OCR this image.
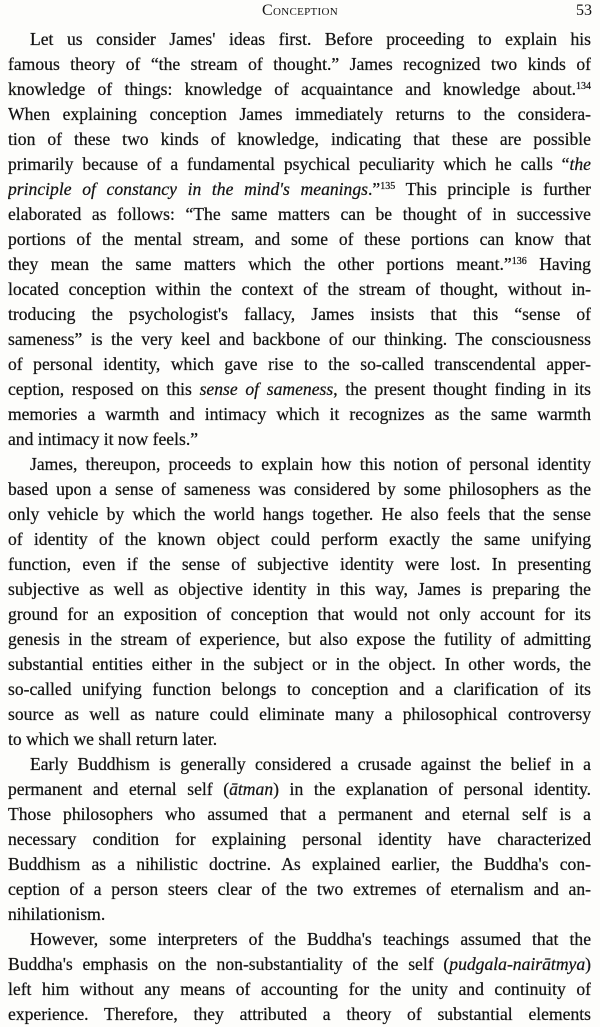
Conception	53
Let us consider James' ideas first. Before proceeding to explain his
famous theory of “the stream of thought.” James recognized two kinds of
knowledge of things: knowledge of acquaintance and knowledge about.$^{134}$
When explaining conception James immediately returns to the considera-
tion of these two kinds of knowledge, indicating that these are possible
primarily because of a fundamental psychical peculiarity which he calls “the
principle of constancy in the mind's meanings.”$^{135}$ This principle is further
elaborated as follows: “The same matters can be thought of in successive
portions of the mental stream, and some of these portions can know that
they mean the same matters which the other portions meant.”$^{136}$ Having
located conception within the context of the stream of thought, without in-
troducing the psychologist's fallacy, James insists that this “sense of
sameness” is the very keel and backbone of our thinking. The consciousness
of personal identity, which gave rise to the so-called transcendental apper-
ception, resposed on this sense of sameness, the present thought finding in its
memories a warmth and intimacy which it recognizes as the same warmth
and intimacy it now feels.”
James, thereupon, proceeds to explain how this notion of personal identity
based upon a sense of sameness was considered by some philosophers as the
only vehicle by which the world hangs together. He also feels that the sense
of identity of the known object could perform exactly the same unifying
function, even if the sense of subjective identity were lost. In presenting
subjective as well as objective identity in this way, James is preparing the
ground for an exposition of conception that would not only account for its
genesis in the stream of experience, but also expose the futility of admitting
substantial entities either in the subject or in the object. In other words, the
so-called unifying function belongs to conception and a clarification of its
source as well as nature could eliminate many a philosophical controversy
to which we shall return later.
Early Buddhism is generally considered a crusade against the belief in a
permanent and eternal self (ātman) in the explanation of personal identity.
Those philosophers who assumed that a permanent and eternal self is a
necessary condition for explaining personal identity have characterized
Buddhism as a nihilistic doctrine. As explained earlier, the Buddha's con-
ception of a person steers clear of the two extremes of eternalism and an-
nihilationism.
However, some interpreters of the Buddha's teachings assumed that the
Buddha's emphasis on the non-substantiality of the self (pudgala-nairātmya)
left him without any means of accounting for the unity and continuity of
experience. Therefore, they attributed a theory of substantial elements
